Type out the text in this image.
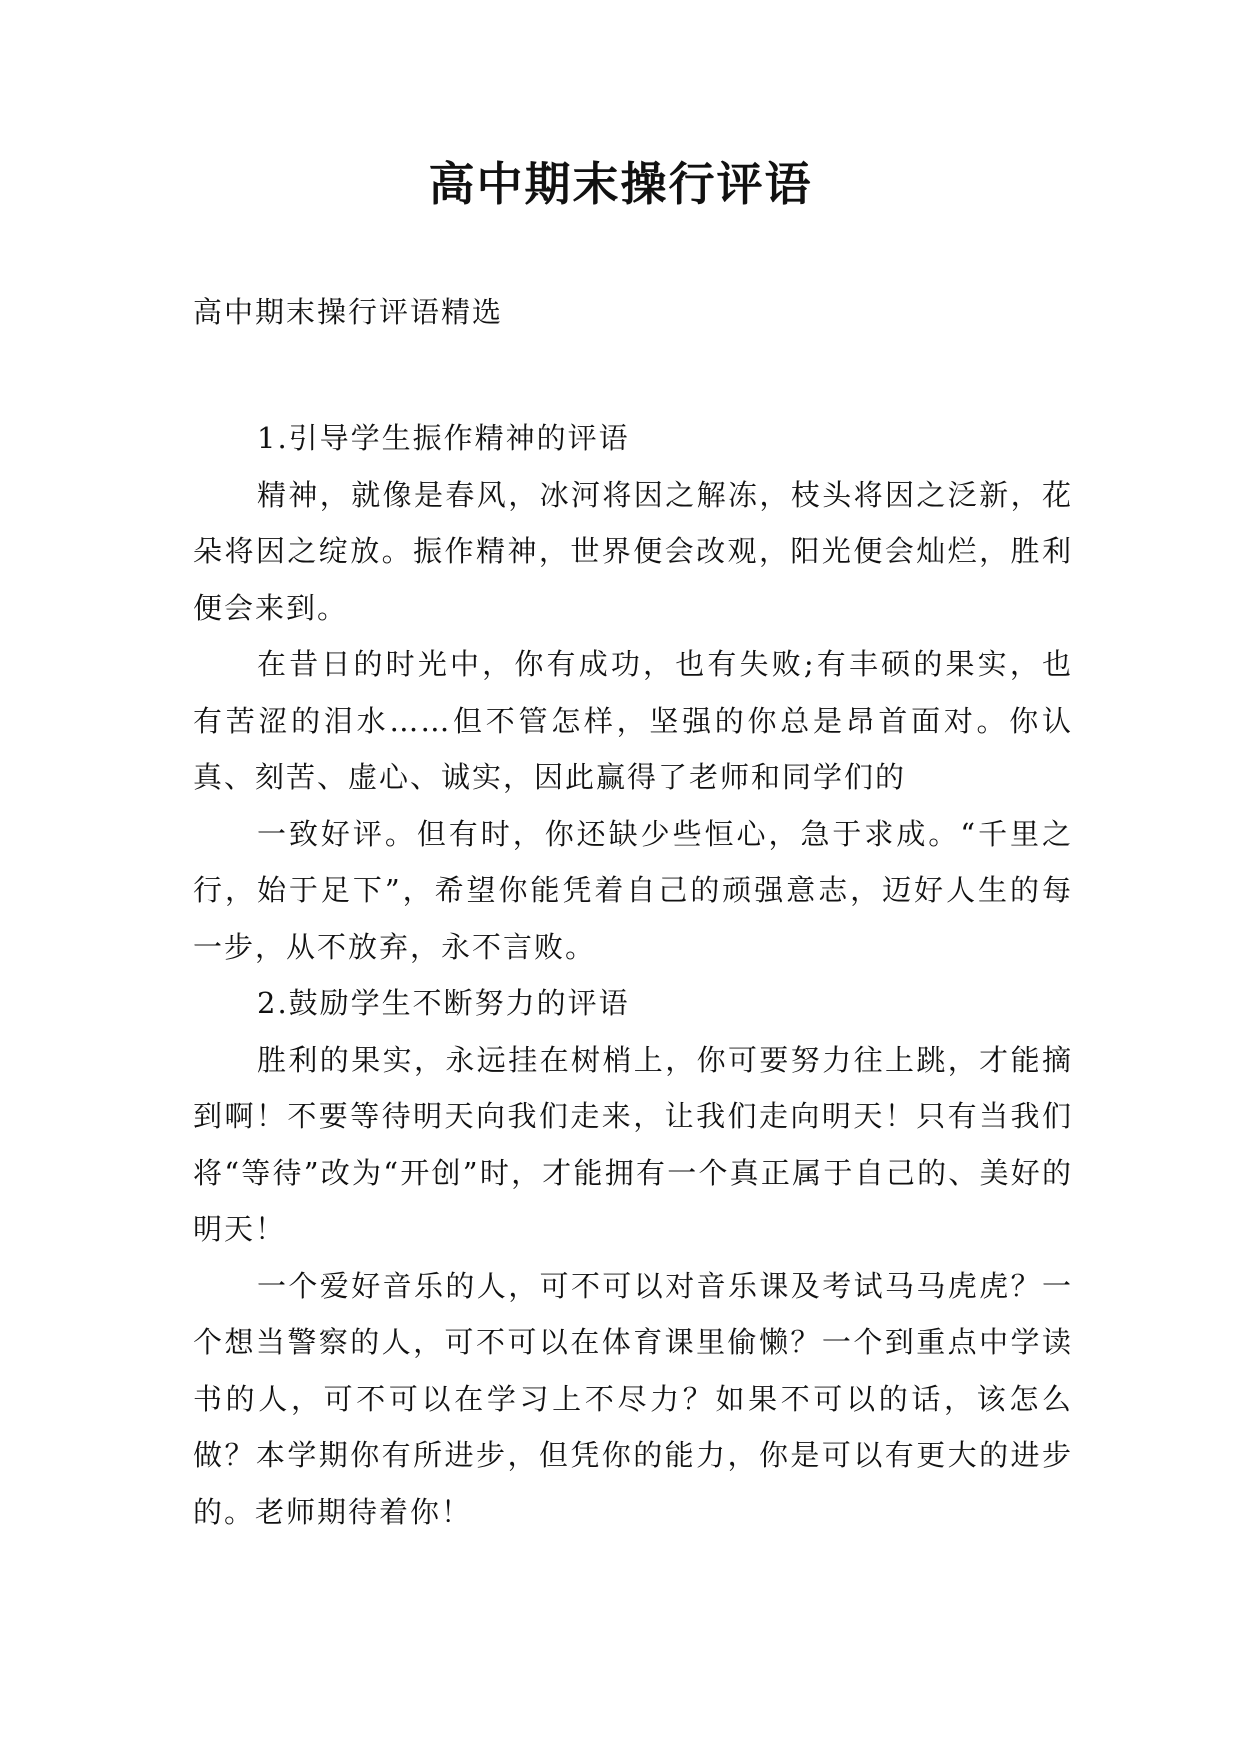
高中期末操行评语

高中期末操行评语精选

1.引导学生振作精神的评语

精神，就像是春风，冰河将因之解冻，枝头将因之泛新，花朵将因之绽放。振作精神，世界便会改观，阳光便会灿烂，胜利便会来到。

在昔日的时光中，你有成功，也有失败;有丰硕的果实，也有苦涩的泪水……但不管怎样，坚强的你总是昂首面对。你认真、刻苦、虚心、诚实，因此赢得了老师和同学们的

一致好评。但有时，你还缺少些恒心，急于求成。“千里之行，始于足下”，希望你能凭着自己的顽强意志，迈好人生的每一步，从不放弃，永不言败。

2.鼓励学生不断努力的评语

胜利的果实，永远挂在树梢上，你可要努力往上跳，才能摘到啊！不要等待明天向我们走来，让我们走向明天！只有当我们将“等待”改为“开创”时，才能拥有一个真正属于自己的、美好的明天！

一个爱好音乐的人，可不可以对音乐课及考试马马虎虎？一个想当警察的人，可不可以在体育课里偷懒？一个到重点中学读书的人，可不可以在学习上不尽力？如果不可以的话，该怎么做？本学期你有所进步，但凭你的能力，你是可以有更大的进步的。老师期待着你！
